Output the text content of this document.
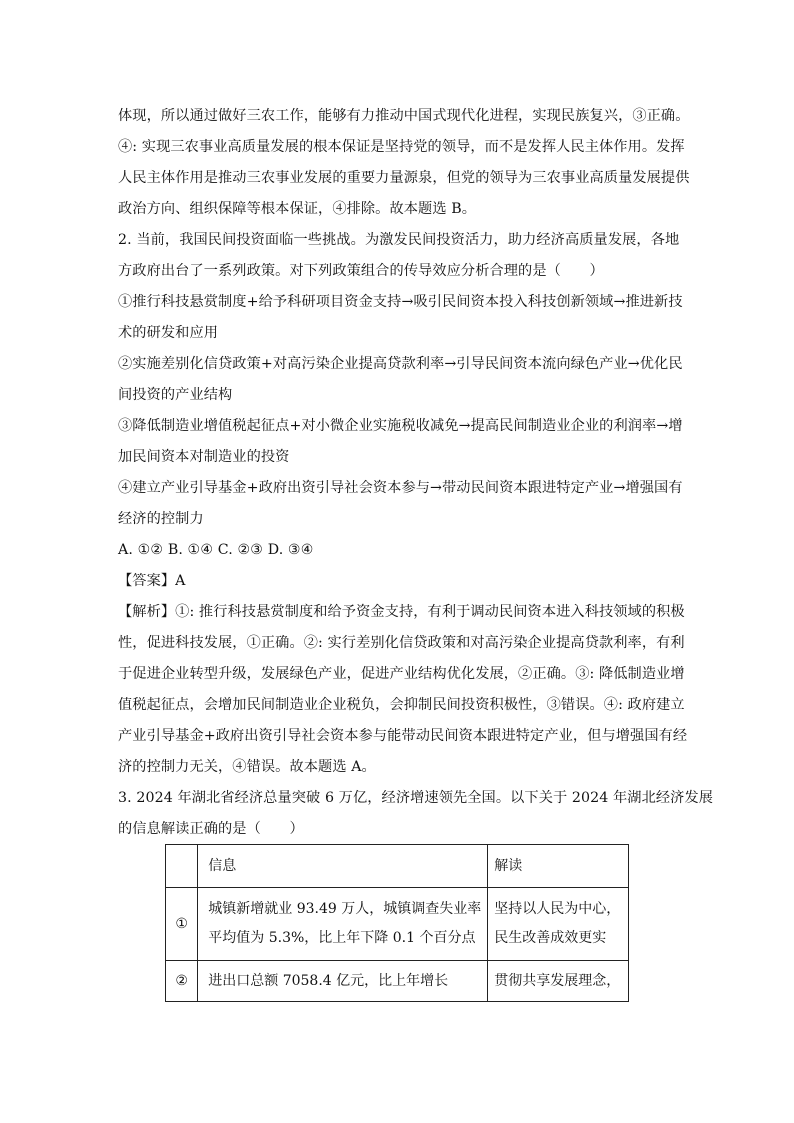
体现，所以通过做好三农工作，能够有力推动中国式现代化进程，实现民族复兴，③正确。
④: 实现三农事业高质量发展的根本保证是坚持党的领导，而不是发挥人民主体作用。发挥
人民主体作用是推动三农事业发展的重要力量源泉，但党的领导为三农事业高质量发展提供
政治方向、组织保障等根本保证，④排除。故本题选 B。
2. 当前，我国民间投资面临一些挑战。为激发民间投资活力，助力经济高质量发展，各地
方政府出台了一系列政策。对下列政策组合的传导效应分析合理的是（　　）
①推行科技悬赏制度+给予科研项目资金支持→吸引民间资本投入科技创新领域→推进新技
术的研发和应用
②实施差别化信贷政策+对高污染企业提高贷款利率→引导民间资本流向绿色产业→优化民
间投资的产业结构
③降低制造业增值税起征点+对小微企业实施税收减免→提高民间制造业企业的利润率→增
加民间资本对制造业的投资
④建立产业引导基金+政府出资引导社会资本参与→带动民间资本跟进特定产业→增强国有
经济的控制力
A. ①② B. ①④ C. ②③ D. ③④
【答案】A
【解析】①: 推行科技悬赏制度和给予资金支持，有利于调动民间资本进入科技领域的积极
性，促进科技发展，①正确。②: 实行差别化信贷政策和对高污染企业提高贷款利率，有利
于促进企业转型升级，发展绿色产业，促进产业结构优化发展，②正确。③: 降低制造业增
值税起征点，会增加民间制造业企业税负，会抑制民间投资积极性，③错误。④: 政府建立
产业引导基金+政府出资引导社会资本参与能带动民间资本跟进特定产业，但与增强国有经
济的控制力无关，④错误。故本题选 A。
3. 2024 年湖北省经济总量突破 6 万亿，经济增速领先全国。以下关于 2024 年湖北经济发展
的信息解读正确的是（　　）
	信息	解读
①	城镇新增就业 93.49 万人，城镇调查失业率
平均值为 5.3%，比上年下降 0.1 个百分点	坚持以人民为中心，
民生改善成效更实

②	进出口总额 7058.4 亿元，比上年增长	贯彻共享发展理念，
